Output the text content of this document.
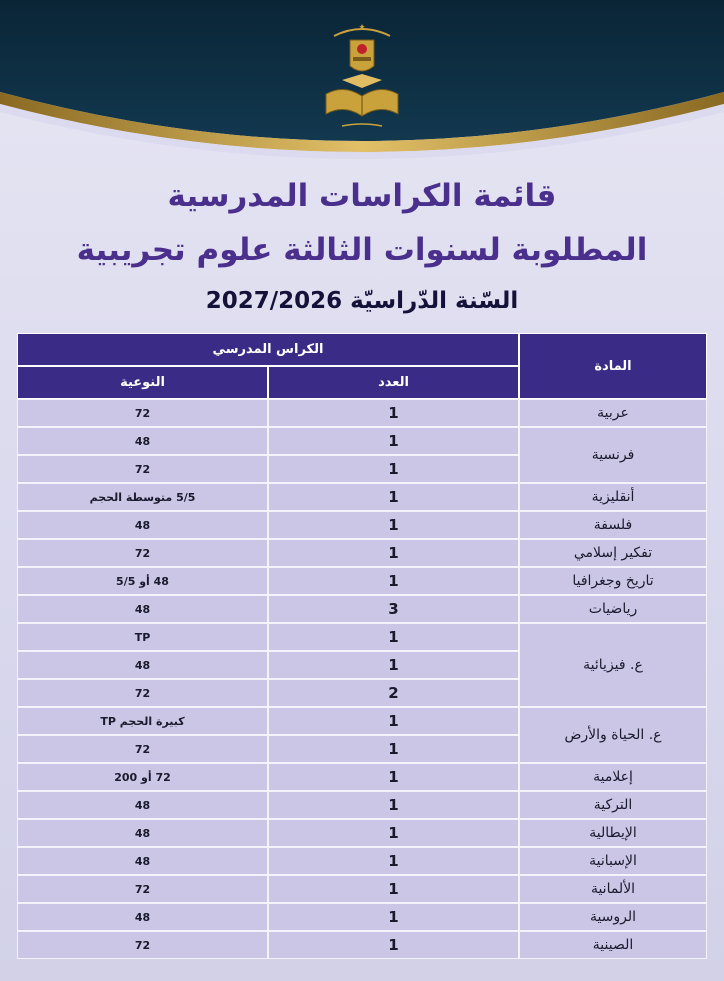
✦
قائمة الكراسات المدرسية
المطلوبة لسنوات الثالثة علوم تجريبية
السّنة الدّراسيّة 2027/2026
المادة
الكراس المدرسي
العدد
النوعية
عربية
1
72
فرنسية
1
48
1
72
أنقليزية
1
5/5 متوسطة الحجم
فلسفة
1
48
تفكير إسلامي
1
72
تاريخ وجغرافيا
1
48 أو 5/5
رياضيات
3
48
ع. فيزيائية
1
TP
1
48
2
72
ع. الحياة والأرض
1
كبيرة الحجم TP
1
72
إعلامية
1
72 أو 200
التركية
1
48
الإيطالية
1
48
الإسبانية
1
48
الألمانية
1
72
الروسية
1
48
الصينية
1
72
